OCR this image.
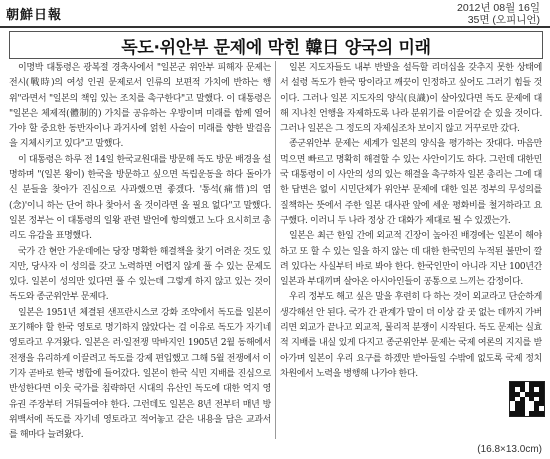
朝鮮日報	2012년 08월 16일
35면 (오피니언)
독도·위안부 문제에 막힌 韓日 양국의 미래

이명박 대통령은 광복절 경축사에서 "일본군 위안부 피해자 문제는 전시(戰時)의 여성 인권 문제로서 인류의 보편적 가치에 반하는 행위"라면서 "일본의 책임 있는 조치를 촉구한다"고 말했다. 이 대통령은 "일본은 체제적(體制的) 가치를 공유하는 우방이며 미래를 함께 열어가야 할 중요한 동반자이나 과거사에 얽힌 사슬이 미래를 향한 발걸음을 지체시키고 있다"고 말했다.

이 대통령은 하루 전 14일 한국교원대를 방문해 독도 방문 배경을 설명하며 "(일본 왕이) 한국을 방문하고 싶으면 독립운동을 하다 돌아가신 분들을 찾아가 진심으로 사과했으면 좋겠다. '통석(痛惜)의 염(念)'이니 하는 단어 하나 찾아서 올 것이라면 올 필요 없다"고 말했다. 일본 정부는 이 대통령의 일왕 관련 발언에 항의했고 노다 요시히코 총리도 유감을 표명했다.

국가 간 현안 가운데에는 당장 명확한 해결책을 찾기 어려운 것도 있지만, 당사자 이 성의를 갖고 노력하면 어렵지 않게 풀 수 있는 문제도 있다. 일본이 성의만 있다면 풀 수 있는데 그렇게 하지 않고 있는 것이 독도와 종군위안부 문제다.

일본은 1951년 체결된 샌프란시스코 강화 조약에서 독도를 일본이 포기해야 할 한국 영토로 명기하지 않았다는 걸 이유로 독도가 자기네 영토라고 우겨왔다. 일본은 러·일전쟁 막바지인 1905년 2월 동해에서 전쟁을 유리하게 이끌려고 독도를 강제 편입했고 그해 5월 전쟁에서 이기자 곧바로 한국 병합에 들어갔다. 일본이 한국 식민 지배를 진심으로 반성한다면 이웃 국가를 침략하던 시대의 유산인 독도에 대한 억지 영유권 주장부터 거둬들여야 한다. 그런데도 일본은 8년 전부터 매년 방위백서에 독도를 자기네 영토라고 적어놓고 같은 내용을 담은 교과서를 해마다 늘려왔다.

일본 지도자들도 내부 반발을 설득할 리더십을 갖추지 못한 상태에서 설령 독도가 한국 땅이라고 깨끗이 인정하고 싶어도 그러기 힘들 것이다. 그러나 일본 지도자의 양식(良識)이 살아있다면 독도 문제에 대해 지나친 언행을 자제하도록 나라 분위기를 이끌어갈 순 있을 것이다. 그러나 일본은 그 정도의 자제심조차 보이지 않고 거꾸로만 갔다.

종군위안부 문제는 세계가 일본의 양식을 평가하는 잣대다. 마음만 먹으면 빠르고 명확히 해결할 수 있는 사안이기도 하다. 그런데 대한민국 대통령이 이 사안의 성의 있는 해결을 촉구하자 일본 총리는 그에 대한 답변은 없이 시민단체가 위안부 문제에 대한 일본 정부의 무성의를 질책하는 뜻에서 주한 일본 대사관 앞에 세운 평화비를 철거하라고 요구했다. 이러니 두 나라 정상 간 대화가 제대로 될 수 있겠는가.

일본은 최근 한일 간에 외교적 긴장이 높아진 배경에는 일본이 해야 하고 또 할 수 있는 일을 하지 않는 데 대한 한국민의 누적된 불만이 깔려 있다는 사실부터 바로 봐야 한다. 한국인만이 아니라 지난 100년간 일본과 부대끼며 살아온 아시아인들이 공통으로 느끼는 감정이다.

우리 정부도 해고 싶은 말을 후련히 다 하는 것이 외교라고 단순하게 생각해선 안 된다. 국가 간 관계가 말이 더 이상 갈 곳 없는 데까지 가버리면 외교가 끝나고 외교적, 물리적 분쟁이 시작된다. 독도 문제는 실효적 지배를 내실 있게 다지고 종군위안부 문제는 국제 여론의 지지를 받아가며 일본이 우리 요구를 하겠만 받아들일 수밖에 없도록 국제 정치 차원에서 노력을 병행해 나가야 한다.

(16.8×13.0cm)
